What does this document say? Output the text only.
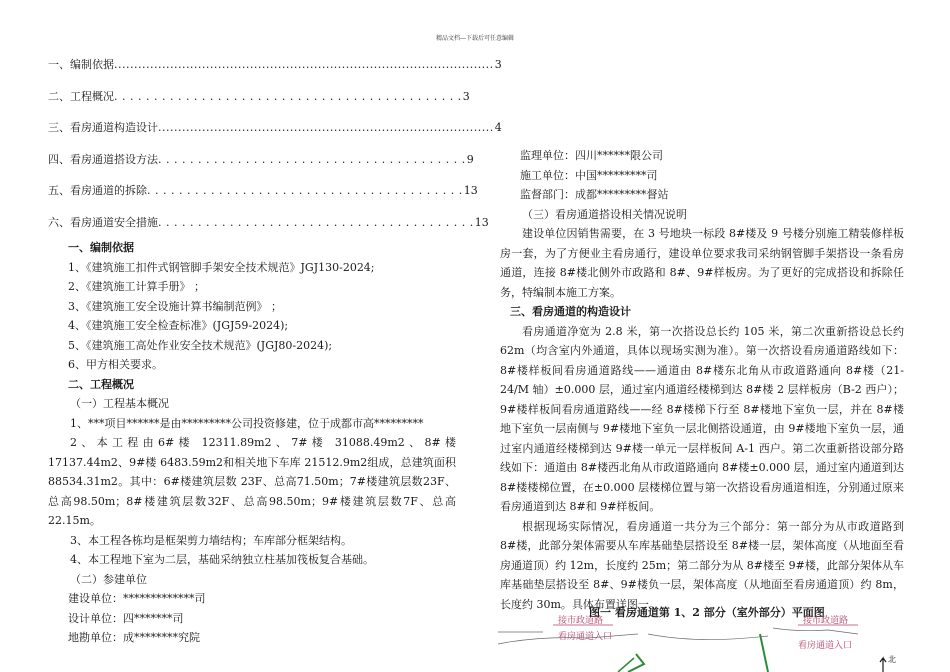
精品文档---下载后可任意编辑
一、编制依据 ............................................................................................... 3
二、工程概况 . . . . . . . . . . . . . . . . . . . . . . . . . . . . . . . . . . . . . . . . . . . . 3
三、看房通道构造设计 .................................................................................... 4
四、看房通道搭设方法 . . . . . . . . . . . . . . . . . . . . . . . . . . . . . . . . . . . . . . . 9
五、看房通道的拆除 . . . . . . . . . . . . . . . . . . . . . . . . . . . . . . . . . . . . . . . . 13
六、看房通道安全措施 . . . . . . . . . . . . . . . . . . . . . . . . . . . . . . . . . . . . . . . . 13
一、编制依据
1、《建筑施工扣件式钢管脚手架安全技术规范》JGJ130-2024;
2、《建筑施工计算手册》 ；
3、《建筑施工安全设施计算书编制范例》 ；
4、《建筑施工安全检查标准》(JGJ59-2024);
5、《建筑施工高处作业安全技术规范》(JGJ80-2024);
6、甲方相关要求。
二、工程概况
（一）工程基本概况
1、***项目******是由*********公司投资修建，位于成都市高*********
2、本工程由6#楼 12311.89m2、7#楼 31088.49m2、8#楼 17137.44m2、9#楼 6483.59m2和相关地下车库 21512.9m2组成，总建筑面积88534.31m2。其中：6#楼建筑层数 23F、总高71.50m；7#楼建筑层数23F、总高98.50m；8#楼建筑层数32F、总高98.50m；9#楼建筑层数7F、总高22.15m。
3、本工程各栋均是框架剪力墙结构；车库部分框架结构。
4、本工程地下室为二层，基础采纳独立柱基加筏板复合基础。
（二）参建单位
建设单位：*************司
设计单位：四*******司
地勘单位：成********究院
监理单位：四川******限公司
施工单位：中国*********司
监督部门：成都*********督站
（三）看房通道搭设相关情况说明
建设单位因销售需要，在 3 号地块一标段 8#楼及 9 号楼分别施工精装修样板房一套，为了方便业主看房通行，建设单位要求我司采纳钢管脚手架搭设一条看房通道，连接 8#楼北侧外市政路和 8#、9#样板房。为了更好的完成搭设和拆除任务，特编制本施工方案。
三、看房通道的构造设计
看房通道净宽为 2.8 米，第一次搭设总长约 105 米，第二次重新搭设总长约 62m（均含室内外通道，具体以现场实测为准）。第一次搭设看房通道路线如下：8#楼样板间看房通道路线——通道由 8#楼东北角从市政道路通向 8#楼（21-24/M 轴）±0.000 层，通过室内通道经楼梯到达 8#楼 2 层样板房（B-2 西户）；9#楼样板间看房通道路线——经 8#楼梯下行至 8#楼地下室负一层，并在 8#楼地下室负一层南侧与 9#楼地下室负一层北侧搭设通道，由 9#楼地下室负一层，通过室内通道经楼梯到达 9#楼一单元一层样板间 A-1 西户。第二次重新搭设部分路线如下：通道由 8#楼西北角从市政道路通向 8#楼±0.000 层，通过室内通道到达 8#楼楼梯位置，在±0.000 层楼梯位置与第一次搭设看房通道相连，分别通过原来看房通道到达 8#和 9#样板间。
根据现场实际情况，看房通道一共分为三个部分：第一部分为从市政道路到 8#楼，此部分架体需要从车库基础垫层搭设至 8#楼一层，架体高度（从地面至看房通道顶）约 12m，长度约 25m；第二部分为从 8#楼至 9#楼，此部分架体从车库基础垫层搭设至 8#、9#楼负一层，架体高度（从地面至看房通道顶）约 8m，长度约 30m。具体布置详图一。
图一 看房通道第 1、2 部分（室外部分）平面图
接市政道路
看房通道入口
接市政道路
看房通道入口
北
